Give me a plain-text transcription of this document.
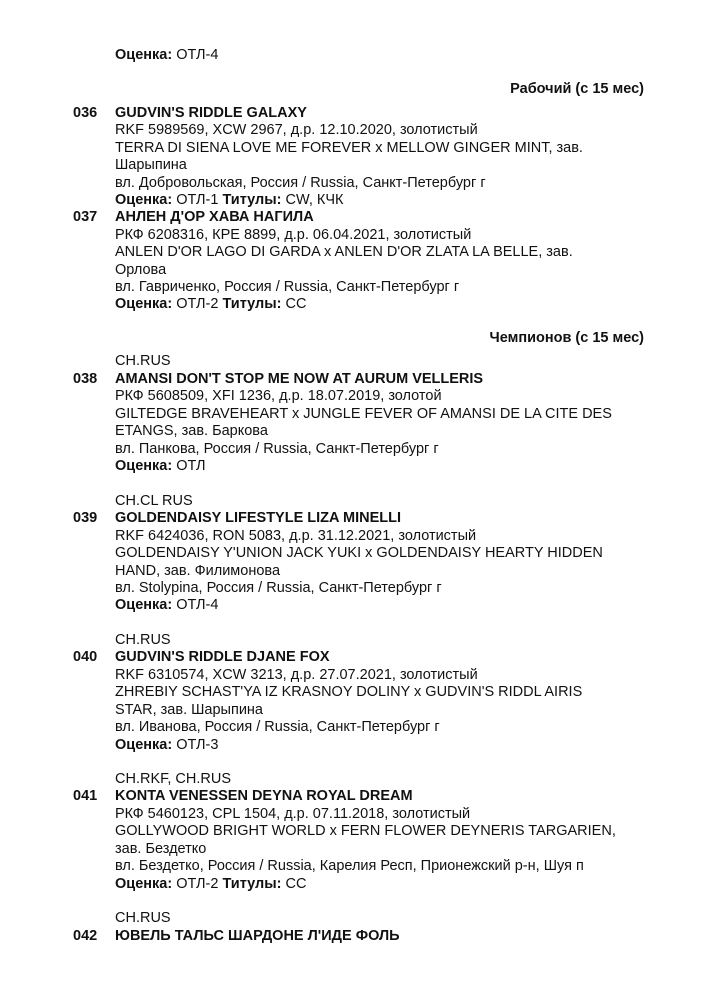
Оценка: ОТЛ-4
Рабочий (с 15 мес)
036 GUDVIN'S RIDDLE GALAXY
RKF 5989569, XCW 2967, д.р. 12.10.2020, золотистый
TERRA DI SIENA LOVE ME FOREVER x MELLOW GINGER MINT, зав.
Шарыпина
вл. Добровольская, Россия / Russia, Санкт-Петербург г
Оценка: ОТЛ-1 Титулы: CW, КЧК
037 АНЛЕН Д'ОР ХАВА НАГИЛА
РКФ 6208316, КРЕ 8899, д.р. 06.04.2021, золотистый
ANLEN D'OR LAGO DI GARDA x ANLEN D'OR ZLATA LA BELLE, зав.
Орлова
вл. Гавриченко, Россия / Russia, Санкт-Петербург г
Оценка: ОТЛ-2 Титулы: CC
Чемпионов (с 15 мес)
CH.RUS
038 AMANSI DON'T STOP ME NOW AT AURUM VELLERIS
РКФ 5608509, XFI 1236, д.р. 18.07.2019, золотой
GILTEDGE BRAVEHEART x JUNGLE FEVER OF AMANSI DE LA CITE DES
ETANGS, зав. Баркова
вл. Панкова, Россия / Russia, Санкт-Петербург г
Оценка: ОТЛ
CH.CL RUS
039 GOLDENDAISY LIFESTYLE LIZA MINELLI
RKF 6424036, RON 5083, д.р. 31.12.2021, золотистый
GOLDENDAISY Y'UNION JACK YUKI x GOLDENDAISY HEARTY HIDDEN
HAND, зав. Филимонова
вл. Stolypina, Россия / Russia, Санкт-Петербург г
Оценка: ОТЛ-4
CH.RUS
040 GUDVIN'S RIDDLE DJANE FOX
RKF 6310574, XCW 3213, д.р. 27.07.2021, золотистый
ZHREBIY SCHAST'YA IZ KRASNOY DOLINY x GUDVIN'S RIDDL AIRIS
STAR, зав. Шарыпина
вл. Иванова, Россия / Russia, Санкт-Петербург г
Оценка: ОТЛ-3
CH.RKF, CH.RUS
041 KONTA VENESSEN DEYNA ROYAL DREAM
РКФ 5460123, CPL 1504, д.р. 07.11.2018, золотистый
GOLLYWOOD BRIGHT WORLD x FERN FLOWER DEYNERIS TARGARIEN,
зав. Бездетко
вл. Бездетко, Россия / Russia, Карелия Респ, Прионежский р-н, Шуя п
Оценка: ОТЛ-2 Титулы: CC
CH.RUS
042 ЮВЕЛЬ ТАЛЬС ШАРДОНЕ Л'ИДЕ ФОЛЬ
